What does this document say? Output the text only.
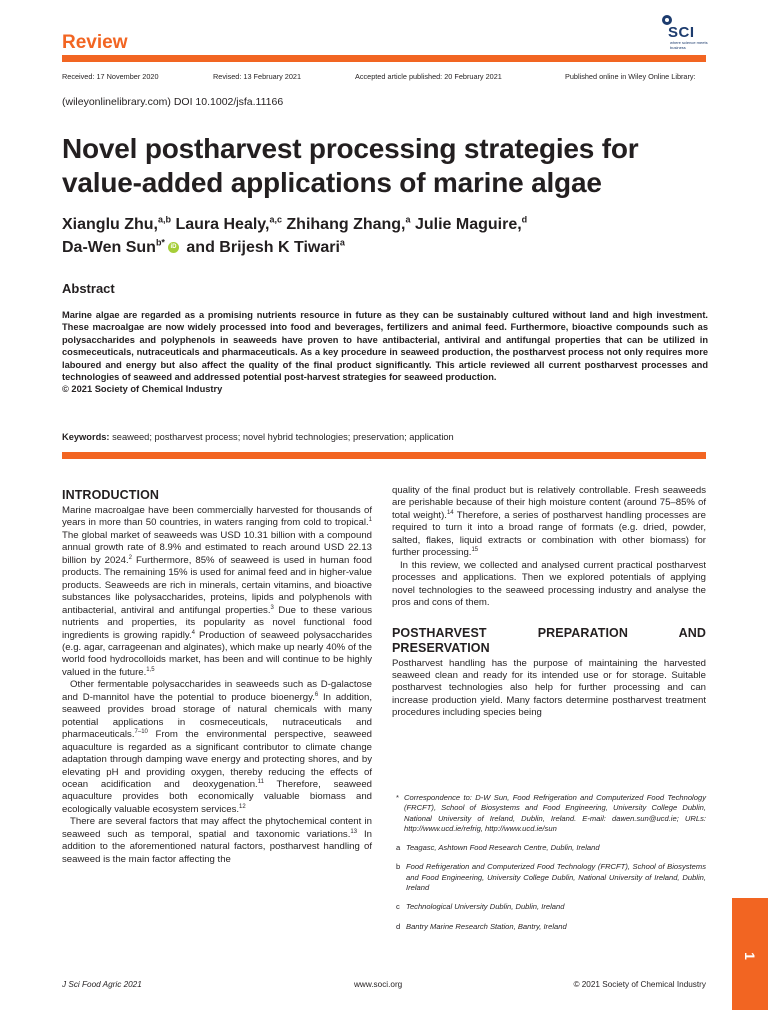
Review	SCI
where science meets business
Received: 17 November 2020	Revised: 13 February 2021	Accepted article published: 20 February 2021	Published online in Wiley Online Library:
(wileyonlinelibrary.com) DOI 10.1002/jsfa.11166
Novel postharvest processing strategies for
value-added applications of marine algae
Xianglu Zhu,$^{a,b}$ Laura Healy,$^{a,c}$ Zhihang Zhang,$^a$ Julie Maguire,$^d$
Da-Wen Sun$^{b*}$ iD and Brijesh K Tiwari$^a$
Abstract
Marine algae are regarded as a promising nutrients resource in future as they can be sustainably cultured without land and high investment. These macroalgae are now widely processed into food and beverages, fertilizers and animal feed. Furthermore, bioactive compounds such as polysaccharides and polyphenols in seaweeds have proven to have antibacterial, antiviral and antifungal properties that can be utilized in cosmeceuticals, nutraceuticals and pharmaceuticals. As a key procedure in seaweed production, the postharvest process not only requires more laboured and energy but also affect the quality of the final product significantly. This article reviewed all current postharvest processes and technologies of seaweed and addressed potential post-harvest strategies for seaweed production.
© 2021 Society of Chemical Industry
Keywords: seaweed; postharvest process; novel hybrid technologies; preservation; application
INTRODUCTION

Marine macroalgae have been commercially harvested for thousands of years in more than 50 countries, in waters ranging from cold to tropical.$^1$ The global market of seaweeds was USD 10.31 billion with a compound annual growth rate of 8.9% and estimated to reach around USD 22.13 billion by 2024.$^2$ Furthermore, 85% of seaweed is used in human food products. The remaining 15% is used for animal feed and in higher-value products. Seaweeds are rich in minerals, certain vitamins, and bioactive substances like polysaccharides, proteins, lipids and polyphenols with antibacterial, antiviral and antifungal properties.$^3$ Due to these various nutrients and properties, its popularity as novel functional food ingredients is growing rapidly.$^4$ Production of seaweed polysaccharides (e.g. agar, carrageenan and alginates), which make up nearly 40% of the world food hydrocolloids market, has been and will continue to be highly valued in the future.$^{1,5}$

Other fermentable polysaccharides in seaweeds such as D-galactose and D-mannitol have the potential to produce bioenergy.$^6$ In addition, seaweed provides broad storage of natural chemicals with many potential applications in cosmeceuticals, nutraceuticals and pharmaceuticals.$^{7-10}$ From the environmental perspective, seaweed aquaculture is regarded as a significant contributor to climate change adaptation through damping wave energy and protecting shores, and by elevating pH and providing oxygen, thereby reducing the effects of ocean acidification and deoxygenation.$^{11}$ Therefore, seaweed aquaculture provides both economically valuable biomass and ecologically valuable ecosystem services.$^{12}$

There are several factors that may affect the phytochemical content in seaweed such as temporal, spatial and taxonomic variations.$^{13}$ In addition to the aforementioned natural factors, postharvest handling of seaweed is the main factor affecting the

quality of the final product but is relatively controllable. Fresh seaweeds are perishable because of their high moisture content (around 75–85% of total weight).$^{14}$ Therefore, a series of postharvest handling processes are required to turn it into a broad range of formats (e.g. dried, powder, salted, flakes, liquid extracts or combination with other biomass) for further processing.$^{15}$

In this review, we collected and analysed current practical postharvest processes and applications. Then we explored potentials of applying novel technologies to the seaweed processing industry and analyse the pros and cons of them.

POSTHARVEST PREPARATION AND PRESERVATION

Postharvest handling has the purpose of maintaining the harvested seaweed clean and ready for its intended use or for storage. Suitable postharvest technologies also help for further processing and can increase production yield. Many factors determine postharvest treatment procedures including species being

* Correspondence to: D-W Sun, Food Refrigeration and Computerized Food Technology (FRCFT), School of Biosystems and Food Engineering, University College Dublin, National University of Ireland, Dublin, Ireland. E-mail: dawen.sun@ucd.ie; URLs: http://www.ucd.ie/refrig, http://www.ucd.ie/sun
a Teagasc, Ashtown Food Research Centre, Dublin, Ireland
b Food Refrigeration and Computerized Food Technology (FRCFT), School of Biosystems and Food Engineering, University College Dublin, National University of Ireland, Dublin, Ireland
c Technological University Dublin, Dublin, Ireland
d Bantry Marine Research Station, Bantry, Ireland
J Sci Food Agric 2021	www.soci.org	© 2021 Society of Chemical Industry
1
